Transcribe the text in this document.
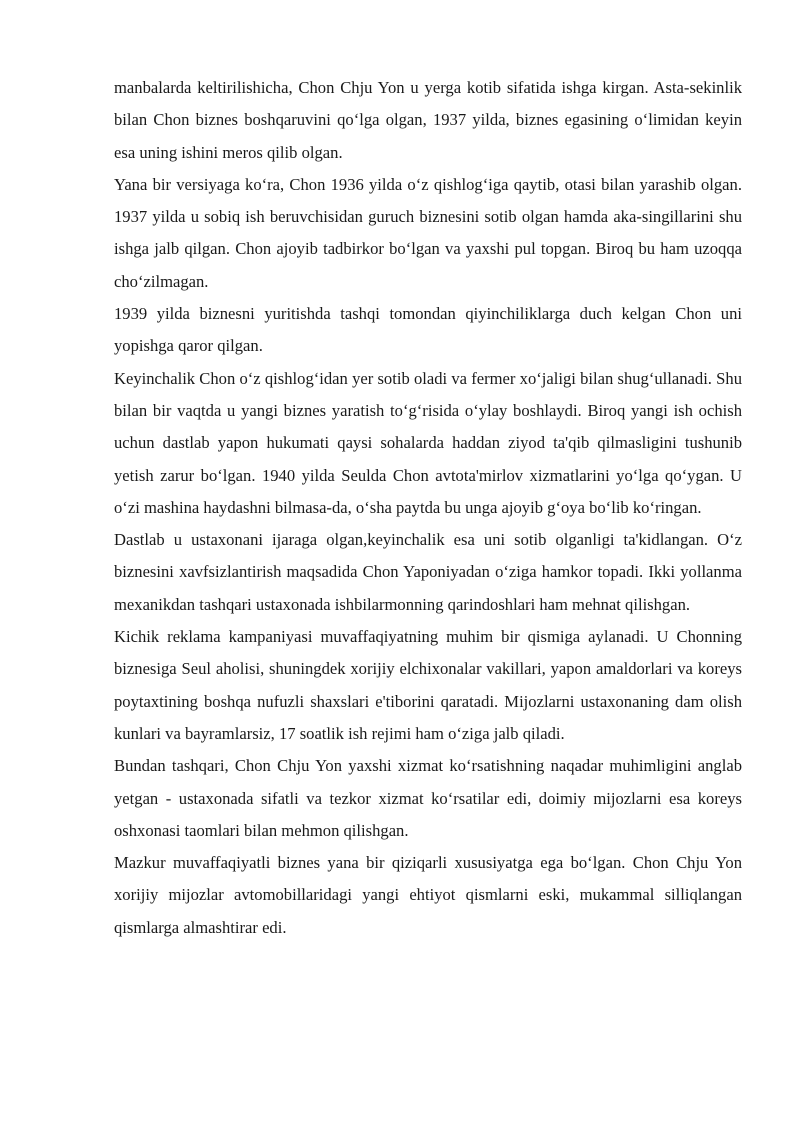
manbalarda keltirilishicha, Chon Chju Yon u yerga kotib sifatida ishga kirgan. Asta-sekinlik bilan Chon biznes boshqaruvini qo‘lga olgan, 1937 yilda, biznes egasining o‘limidan keyin esa uning ishini meros qilib olgan.

Yana bir versiyaga ko‘ra, Chon 1936 yilda o‘z qishlog‘iga qaytib, otasi bilan yarashib olgan. 1937 yilda u sobiq ish beruvchisidan guruch biznesini sotib olgan hamda aka-singillarini shu ishga jalb qilgan. Chon ajoyib tadbirkor bo‘lgan va yaxshi pul topgan. Biroq bu ham uzoqqa cho‘zilmagan.

1939 yilda biznesni yuritishda tashqi tomondan qiyinchiliklarga duch kelgan Chon uni yopishga qaror qilgan.

Keyinchalik Chon o‘z qishlog‘idan yer sotib oladi va fermer xo‘jaligi bilan shug‘ullanadi. Shu bilan bir vaqtda u yangi biznes yaratish to‘g‘risida o‘ylay boshlaydi. Biroq yangi ish ochish uchun dastlab yapon hukumati qaysi sohalarda haddan ziyod ta'qib qilmasligini tushunib yetish zarur bo‘lgan. 1940 yilda Seulda Chon avtota'mirlov xizmatlarini yo‘lga qo‘ygan. U o‘zi mashina haydashni bilmasa-da, o‘sha paytda bu unga ajoyib g‘oya bo‘lib ko‘ringan.

Dastlab u ustaxonani ijaraga olgan,keyinchalik esa uni sotib olganligi ta'kidlangan. O‘z biznesini xavfsizlantirish maqsadida Chon Yaponiyadan o‘ziga hamkor topadi. Ikki yollanma mexanikdan tashqari ustaxonada ishbilarmonning qarindoshlari ham mehnat qilishgan.

Kichik reklama kampaniyasi muvaffaqiyatning muhim bir qismiga aylanadi. U Chonning biznesiga Seul aholisi, shuningdek xorijiy elchixonalar vakillari, yapon amaldorlari va koreys poytaxtining boshqa nufuzli shaxslari e'tiborini qaratadi. Mijozlarni ustaxonaning dam olish kunlari va bayramlarsiz, 17 soatlik ish rejimi ham o‘ziga jalb qiladi.

Bundan tashqari, Chon Chju Yon yaxshi xizmat ko‘rsatishning naqadar muhimligini anglab yetgan - ustaxonada sifatli va tezkor xizmat ko‘rsatilar edi, doimiy mijozlarni esa koreys oshxonasi taomlari bilan mehmon qilishgan.

Mazkur muvaffaqiyatli biznes yana bir qiziqarli xususiyatga ega bo‘lgan. Chon Chju Yon xorijiy mijozlar avtomobillaridagi yangi ehtiyot qismlarni eski, mukammal silliqlangan qismlarga almashtirar edi.
